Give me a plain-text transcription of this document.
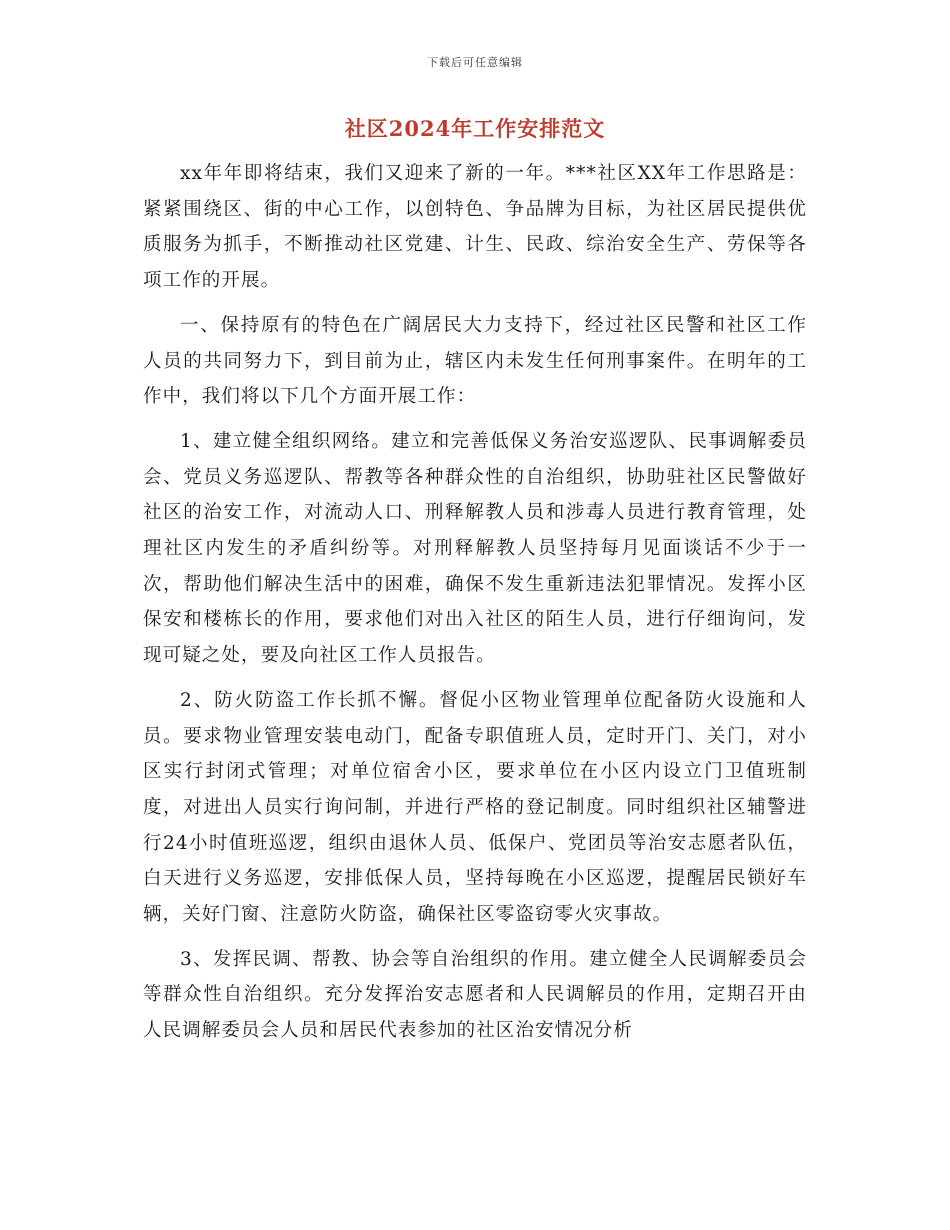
下载后可任意编辑
社区2024年工作安排范文

xx年年即将结束，我们又迎来了新的一年。***社区XX年工作思路是：紧紧围绕区、街的中心工作，以创特色、争品牌为目标，为社区居民提供优质服务为抓手，不断推动社区党建、计生、民政、综治安全生产、劳保等各项工作的开展。

一、保持原有的特色在广阔居民大力支持下，经过社区民警和社区工作人员的共同努力下，到目前为止，辖区内未发生任何刑事案件。在明年的工作中，我们将以下几个方面开展工作：

1、建立健全组织网络。建立和完善低保义务治安巡逻队、民事调解委员会、党员义务巡逻队、帮教等各种群众性的自治组织，协助驻社区民警做好社区的治安工作，对流动人口、刑释解教人员和涉毒人员进行教育管理，处理社区内发生的矛盾纠纷等。对刑释解教人员坚持每月见面谈话不少于一次，帮助他们解决生活中的困难，确保不发生重新违法犯罪情况。发挥小区保安和楼栋长的作用，要求他们对出入社区的陌生人员，进行仔细询问，发现可疑之处，要及向社区工作人员报告。

2、防火防盗工作长抓不懈。督促小区物业管理单位配备防火设施和人员。要求物业管理安装电动门，配备专职值班人员，定时开门、关门，对小区实行封闭式管理；对单位宿舍小区，要求单位在小区内设立门卫值班制度，对进出人员实行询问制，并进行严格的登记制度。同时组织社区辅警进行24小时值班巡逻，组织由退休人员、低保户、党团员等治安志愿者队伍，白天进行义务巡逻，安排低保人员，坚持每晚在小区巡逻，提醒居民锁好车辆，关好门窗、注意防火防盗，确保社区零盗窃零火灾事故。

3、发挥民调、帮教、协会等自治组织的作用。建立健全人民调解委员会等群众性自治组织。充分发挥治安志愿者和人民调解员的作用，定期召开由人民调解委员会人员和居民代表参加的社区治安情况分析
